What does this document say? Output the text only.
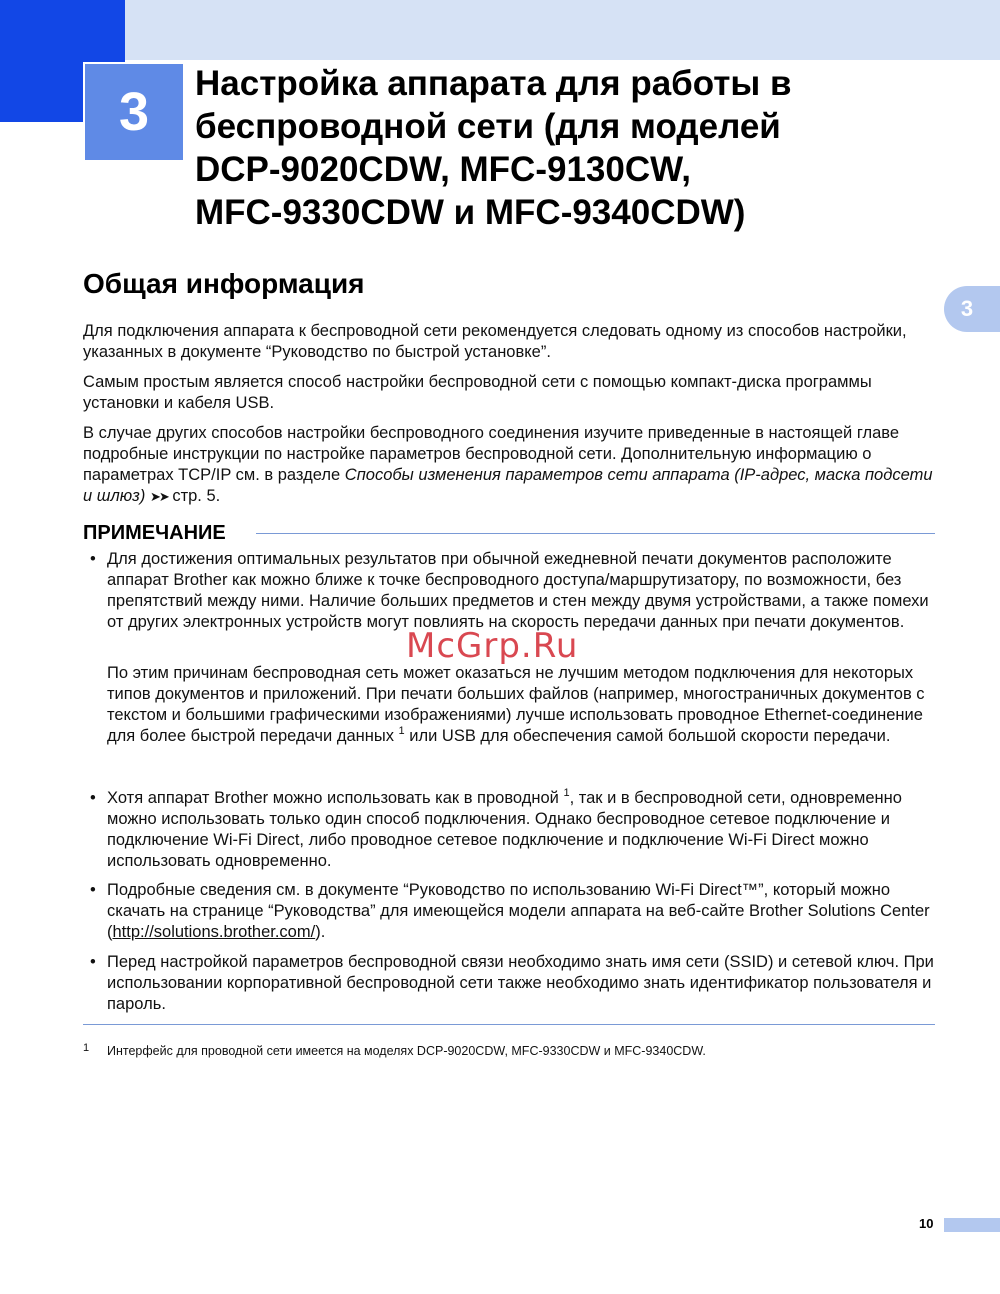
3 Настройка аппарата для работы в
беспроводной сети (для моделей
DCP-9020CDW, MFC-9130CW,
MFC-9330CDW и MFC-9340CDW)
3
Общая информация
Для подключения аппарата к беспроводной сети рекомендуется следовать одному из способов настройки, указанных в документе “Руководство по быстрой установке”.
Самым простым является способ настройки беспроводной сети с помощью компакт-диска программы установки и кабеля USB.
В случае других способов настройки беспроводного соединения изучите приведенные в настоящей главе подробные инструкции по настройке параметров беспроводной сети. Дополнительную информацию о параметрах TCP/IP см. в разделе Способы изменения параметров сети аппарата (IP-адрес, маска подсети и шлюз) ➤➤ стр. 5.
ПРИМЕЧАНИЕ
• Для достижения оптимальных результатов при обычной ежедневной печати документов расположите аппарат Brother как можно ближе к точке беспроводного доступа/маршрутизатору, по возможности, без препятствий между ними. Наличие больших предметов и стен между двумя устройствами, а также помехи от других электронных устройств могут повлиять на скорость передачи данных при печати документов.
По этим причинам беспроводная сеть может оказаться не лучшим методом подключения для некоторых типов документов и приложений. При печати больших файлов (например, многостраничных документов с текстом и большими графическими изображениями) лучше использовать проводное Ethernet-соединение для более быстрой передачи данных $^1$ или USB для обеспечения самой большой скорости передачи.
• Хотя аппарат Brother можно использовать как в проводной $^1$, так и в беспроводной сети, одновременно можно использовать только один способ подключения. Однако беспроводное сетевое подключение и подключение Wi-Fi Direct, либо проводное сетевое подключение и подключение Wi-Fi Direct можно использовать одновременно.
• Подробные сведения см. в документе “Руководство по использованию Wi-Fi Direct™”, который можно скачать на странице “Руководства” для имеющейся модели аппарата на веб-сайте Brother Solutions Center (http://solutions.brother.com/).
• Перед настройкой параметров беспроводной связи необходимо знать имя сети (SSID) и сетевой ключ. При использовании корпоративной беспроводной сети также необходимо знать идентификатор пользователя и пароль.
1 Интерфейс для проводной сети имеется на моделях DCP-9020CDW, MFC-9330CDW и MFC-9340CDW.
McGrp.Ru
10
